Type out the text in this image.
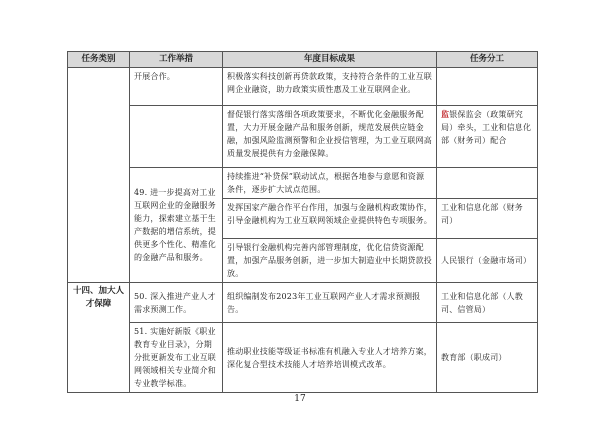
任务类别	工作举措	年度目标成果	任务分工
	开展合作。	积极落实科技创新再贷款政策，支持符合条件的工业互联网企业融资，助力政策实质性惠及工业互联网企业。	
		督促银行落实落细各项政策要求，不断优化金融服务配置，大力开展金融产品和服务创新，规范发展供应链金融，加强风险监测预警和企业授信管理，为工业互联网高质量发展提供有力金融保障。	监银保监会（政策研究局）牵头，工业和信息化部（财务司）配合
	49. 进一步提高对工业互联网企业的金融服务能力，探索建立基于生产数据的增信系统，提供更多个性化、精准化的金融产品和服务。	持续推进“补贷保”联动试点，根据各地参与意愿和资源条件，逐步扩大试点范围。	
		发挥国家产融合作平台作用，加强与金融机构政策协作，引导金融机构为工业互联网领域企业提供特色专项服务。	工业和信息化部（财务司）
		引导银行金融机构完善内部管理制度，优化信贷资源配置，加强产品服务创新，进一步加大制造业中长期贷款投放。	人民银行（金融市场司）
十四、加大人才保障	50. 深入推进产业人才需求预测工作。	组织编制发布2023年工业互联网产业人才需求预测报告。	工业和信息化部（人教司、信管局）
	51. 实施好新版《职业教育专业目录》，分期分批更新发布工业互联网领域相关专业简介和专业教学标准。	推动职业技能等级证书标准有机融入专业人才培养方案，深化复合型技术技能人才培养培训模式改革。	教育部（职成司）
17
